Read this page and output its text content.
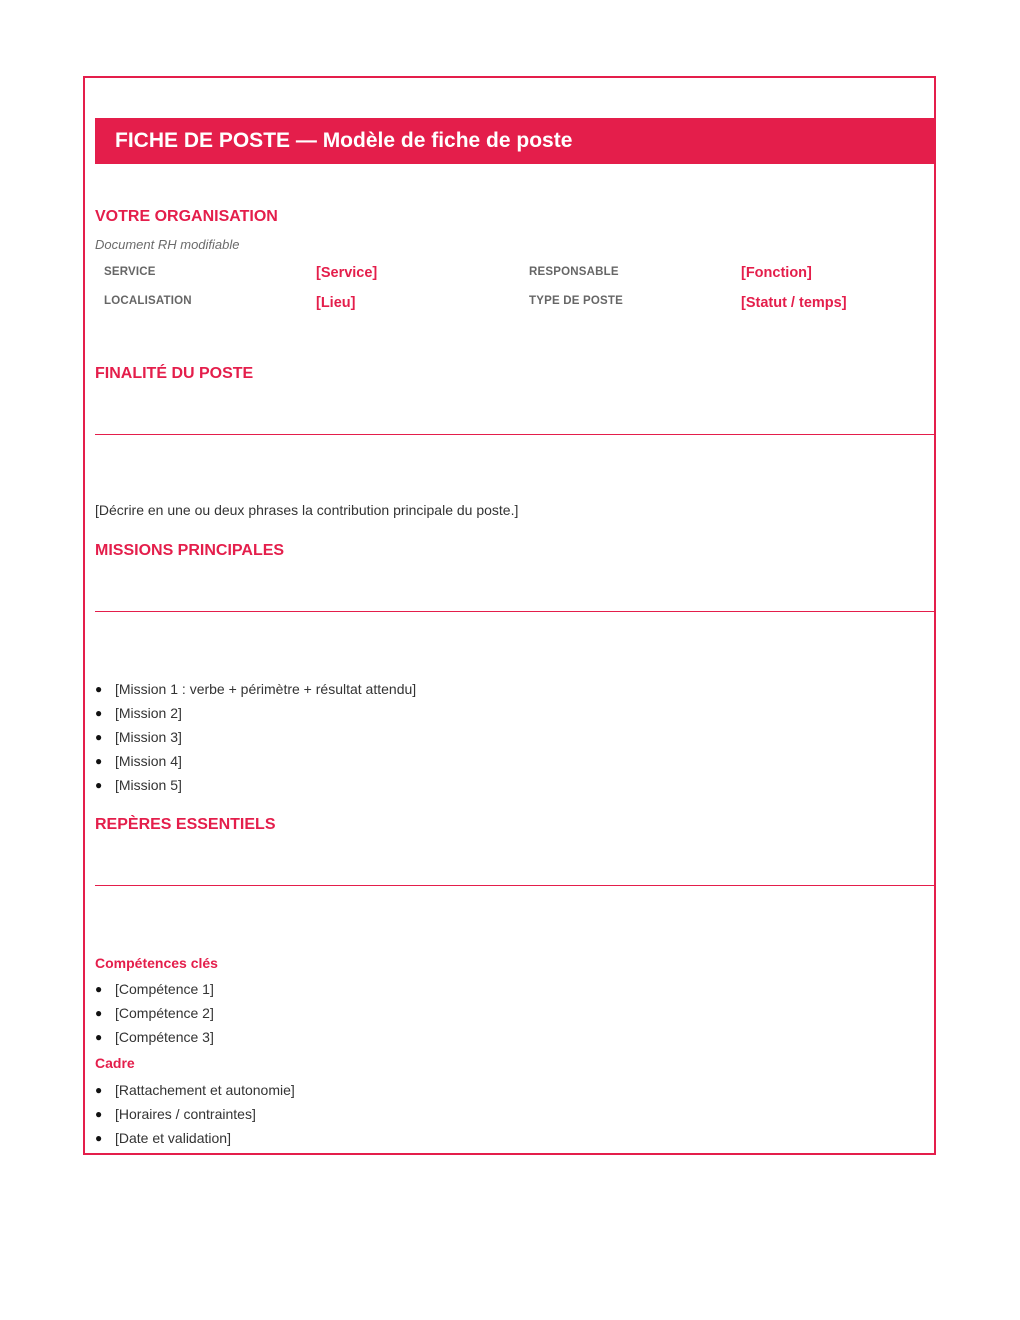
FICHE DE POSTE — Modèle de fiche de poste
VOTRE ORGANISATION
Document RH modifiable
SERVICE	[Service]	RESPONSABLE	[Fonction]
LOCALISATION	[Lieu]	TYPE DE POSTE	[Statut / temps]
FINALITÉ DU POSTE
[Décrire en une ou deux phrases la contribution principale du poste.]
MISSIONS PRINCIPALES
● [Mission 1 : verbe + périmètre + résultat attendu]
● [Mission 2]
● [Mission 3]
● [Mission 4]
● [Mission 5]
REPÈRES ESSENTIELS
Compétences clés
● [Compétence 1]
● [Compétence 2]
● [Compétence 3]
Cadre
● [Rattachement et autonomie]
● [Horaires / contraintes]
● [Date et validation]
